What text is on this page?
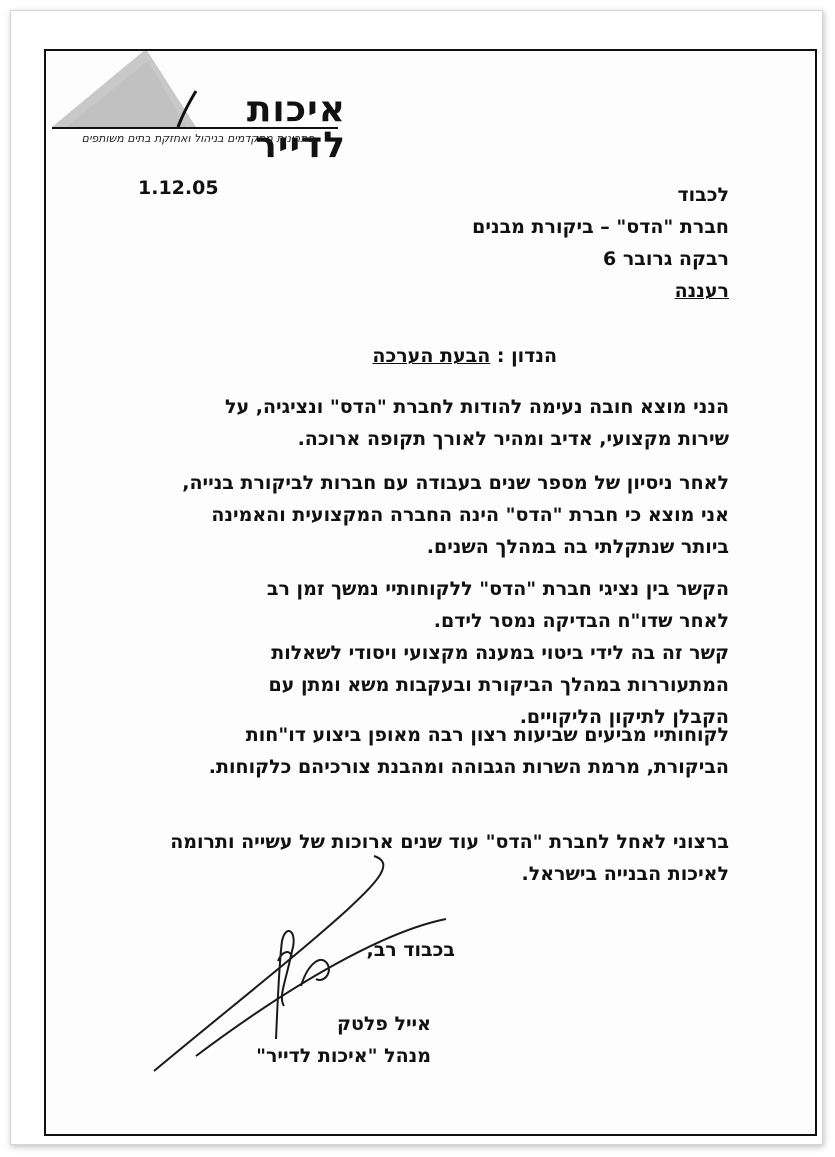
איכות לדייר
פתרונות מתקדמים בניהול ואחזקת בתים משותפים
1.12.05	לכבוד
חברת "הדס" – ביקורת מבנים
רבקה גרובר 6
רעננה
הנדון : הבעת הערכה
הנני מוצא חובה נעימה להודות לחברת "הדס" ונציגיה, על
שירות מקצועי, אדיב ומהיר לאורך תקופה ארוכה.
לאחר ניסיון של מספר שנים בעבודה עם חברות לביקורת בנייה,
אני מוצא כי חברת "הדס" הינה החברה המקצועית והאמינה
ביותר שנתקלתי בה במהלך השנים.
הקשר בין נציגי חברת "הדס" ללקוחותיי נמשך זמן רב
לאחר שדו"ח הבדיקה נמסר לידם.
קשר זה בה לידי ביטוי במענה מקצועי ויסודי לשאלות
המתעוררות במהלך הביקורת ובעקבות משא ומתן עם
הקבלן לתיקון הליקויים.
לקוחותיי מביעים שביעות רצון רבה מאופן ביצוע דו"חות
הביקורת, מרמת השרות הגבוהה ומהבנת צורכיהם כלקוחות.
ברצוני לאחל לחברת "הדס" עוד שנים ארוכות של עשייה ותרומה
לאיכות הבנייה בישראל.
בכבוד רב,
אייל פלטק
מנהל "איכות לדייר"
